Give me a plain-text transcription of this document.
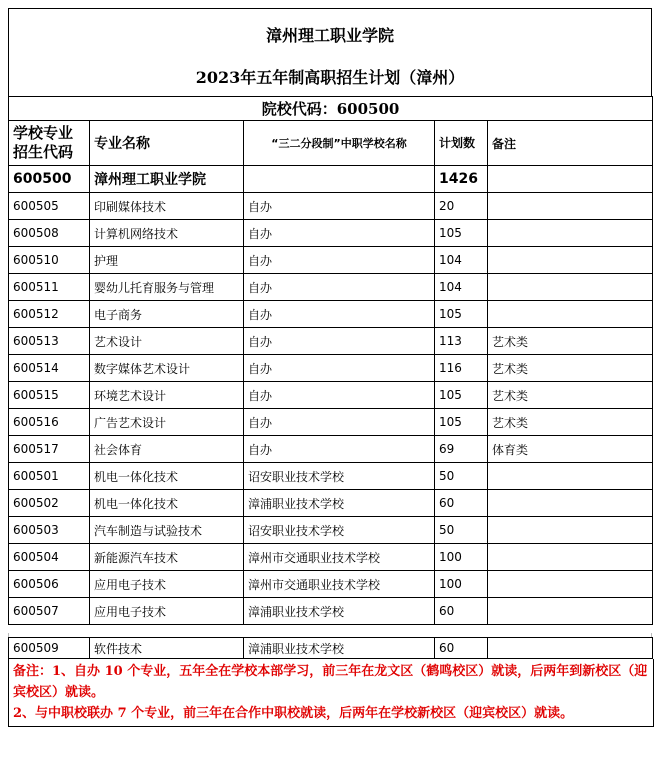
漳州理工职业学院
2023年五年制高职招生计划（漳州）
院校代码：600500				
学校专业招生代码	专业名称	“三二分段制”中职学校名称	计划数	备注
600500	漳州理工职业学院		1426	
600505	印刷媒体技术	自办	20	
600508	计算机网络技术	自办	105	
600510	护理	自办	104	
600511	婴幼儿托育服务与管理	自办	104	
600512	电子商务	自办	105	
600513	艺术设计	自办	113	艺术类
600514	数字媒体艺术设计	自办	116	艺术类
600515	环境艺术设计	自办	105	艺术类
600516	广告艺术设计	自办	105	艺术类
600517	社会体育	自办	69	体育类
600501	机电一体化技术	诏安职业技术学校	50	
600502	机电一体化技术	漳浦职业技术学校	60	
600503	汽车制造与试验技术	诏安职业技术学校	50	
600504	新能源汽车技术	漳州市交通职业技术学校	100	
600506	应用电子技术	漳州市交通职业技术学校	100	
600507	应用电子技术	漳浦职业技术学校	60	
600509	软件技术	漳浦职业技术学校	60	
备注：1、自办 10 个专业，五年全在学校本部学习，前三年在龙文区（鹤鸣校区）就读，后两年到新校区（迎宾校区）就读。
2、与中职校联办 7 个专业，前三年在合作中职校就读，后两年在学校新校区（迎宾校区）就读。
